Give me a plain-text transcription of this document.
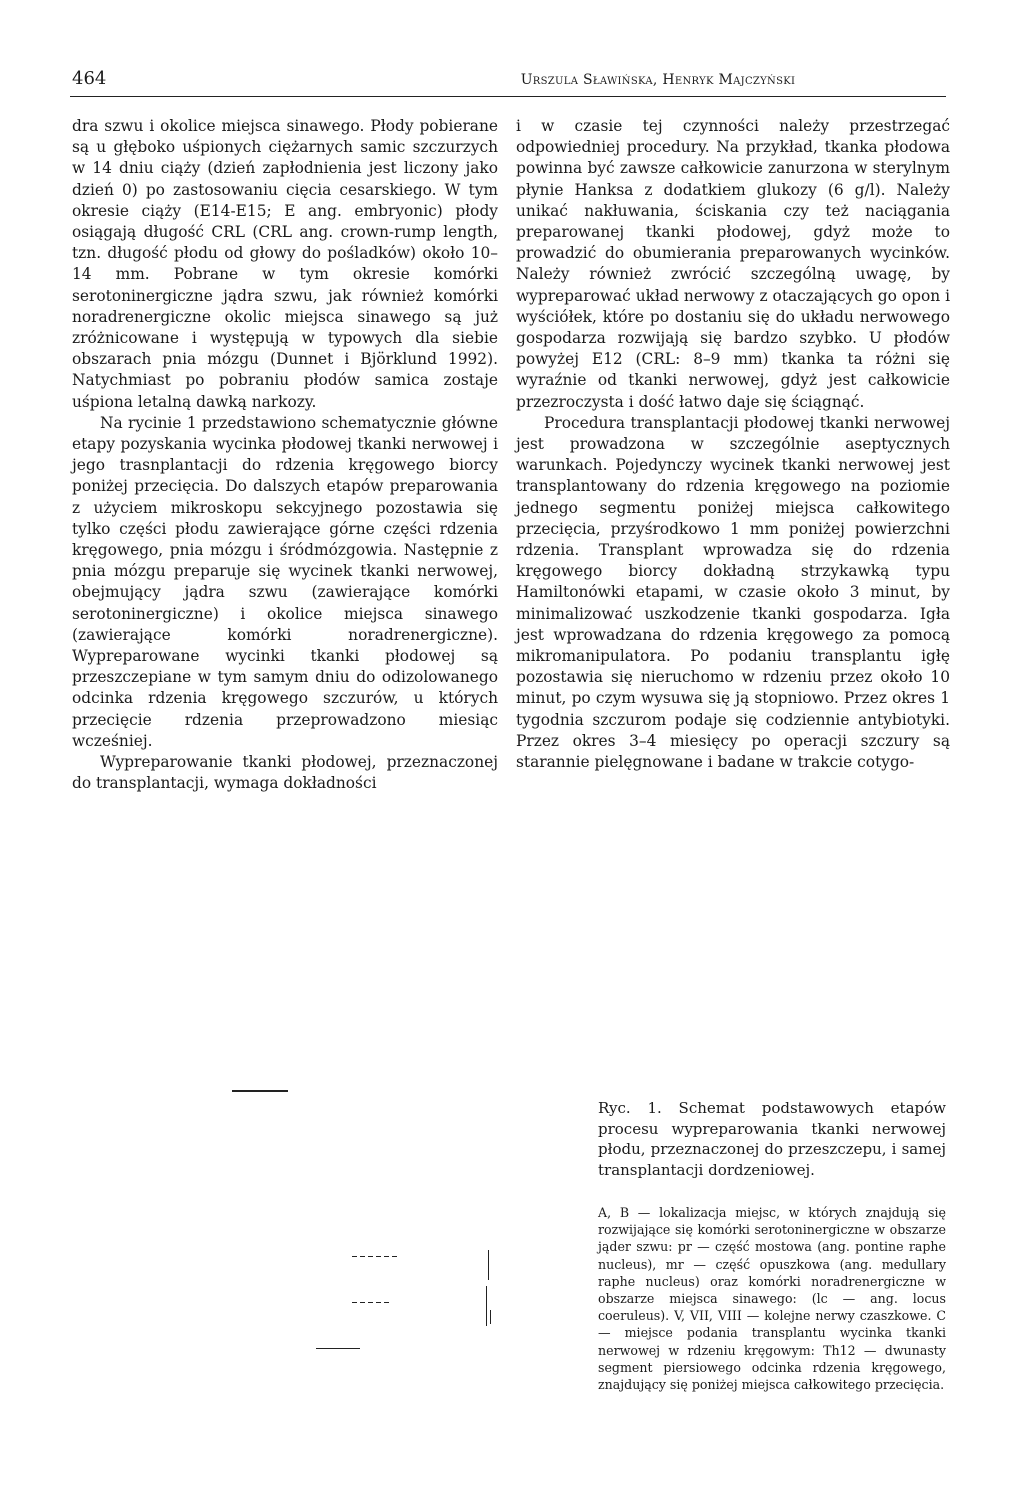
464	Urszula Sławińska, Henryk Majczyński

dra szwu i okolice miejsca sinawego. Płody pobierane są u głęboko uśpionych ciężarnych samic szczurzych w 14 dniu ciąży (dzień zapłodnienia jest liczony jako dzień 0) po zastosowaniu cięcia cesarskiego. W tym okresie ciąży (E14-E15; E ang. embryonic) płody osiągają długość CRL (CRL ang. crown-rump length, tzn. długość płodu od głowy do pośladków) około 10–14 mm. Pobrane w tym okresie komórki serotoninergiczne jądra szwu, jak również komórki noradrenergiczne okolic miejsca sinawego są już zróżnicowane i występują w typowych dla siebie obszarach pnia mózgu (Dunnet i Björklund 1992). Natychmiast po pobraniu płodów samica zostaje uśpiona letalną dawką narkozy.

Na rycinie 1 przedstawiono schematycznie główne etapy pozyskania wycinka płodowej tkanki nerwowej i jego trasnplantacji do rdzenia kręgowego biorcy poniżej przecięcia. Do dalszych etapów preparowania z użyciem mikroskopu sekcyjnego pozostawia się tylko części płodu zawierające górne części rdzenia kręgowego, pnia mózgu i śródmózgowia. Następnie z pnia mózgu preparuje się wycinek tkanki nerwowej, obejmujący jądra szwu (zawierające komórki serotoninergiczne) i okolice miejsca sinawego (zawierające komórki noradrenergiczne). Wypreparowane wycinki tkanki płodowej są przeszczepiane w tym samym dniu do odizolowanego odcinka rdzenia kręgowego szczurów, u których przecięcie rdzenia przeprowadzono miesiąc wcześniej.

Wypreparowanie tkanki płodowej, przeznaczonej do transplantacji, wymaga dokładności

i w czasie tej czynności należy przestrzegać odpowiedniej procedury. Na przykład, tkanka płodowa powinna być zawsze całkowicie zanurzona w sterylnym płynie Hanksa z dodatkiem glukozy (6 g/l). Należy unikać nakłuwania, ściskania czy też naciągania preparowanej tkanki płodowej, gdyż może to prowadzić do obumierania preparowanych wycinków. Należy również zwrócić szczególną uwagę, by wypreparować układ nerwowy z otaczających go opon i wyściółek, które po dostaniu się do układu nerwowego gospodarza rozwijają się bardzo szybko. U płodów powyżej E12 (CRL: 8–9 mm) tkanka ta różni się wyraźnie od tkanki nerwowej, gdyż jest całkowicie przezroczysta i dość łatwo daje się ściągnąć.

Procedura transplantacji płodowej tkanki nerwowej jest prowadzona w szczególnie aseptycznych warunkach. Pojedynczy wycinek tkanki nerwowej jest transplantowany do rdzenia kręgowego na poziomie jednego segmentu poniżej miejsca całkowitego przecięcia, przyśrodkowo 1 mm poniżej powierzchni rdzenia. Transplant wprowadza się do rdzenia kręgowego biorcy dokładną strzykawką typu Hamiltonówki etapami, w czasie około 3 minut, by minimalizować uszkodzenie tkanki gospodarza. Igła jest wprowadzana do rdzenia kręgowego za pomocą mikromanipulatora. Po podaniu transplantu igłę pozostawia się nieruchomo w rdzeniu przez około 10 minut, po czym wysuwa się ją stopniowo. Przez okres 1 tygodnia szczurom podaje się codziennie antybiotyki. Przez okres 3–4 miesięcy po operacji szczury są starannie pielęgnowane i badane w trakcie cotygo-

Ryc. 1. Schemat podstawowych etapów procesu wypreparowania tkanki nerwowej płodu, przeznaczonej do przeszczepu, i samej transplantacji dordzeniowej.

A, B — lokalizacja miejsc, w których znajdują się rozwijające się komórki serotoninergiczne w obszarze jąder szwu: pr — część mostowa (ang. pontine raphe nucleus), mr — część opuszkowa (ang. medullary raphe nucleus) oraz komórki noradrenergiczne w obszarze miejsca sinawego: (lc — ang. locus coeruleus). V, VII, VIII — kolejne nerwy czaszkowe. C — miejsce podania transplantu wycinka tkanki nerwowej w rdzeniu kręgowym: Th12 — dwunasty segment piersiowego odcinka rdzenia kręgowego, znajdujący się poniżej miejsca całkowitego przecięcia.
